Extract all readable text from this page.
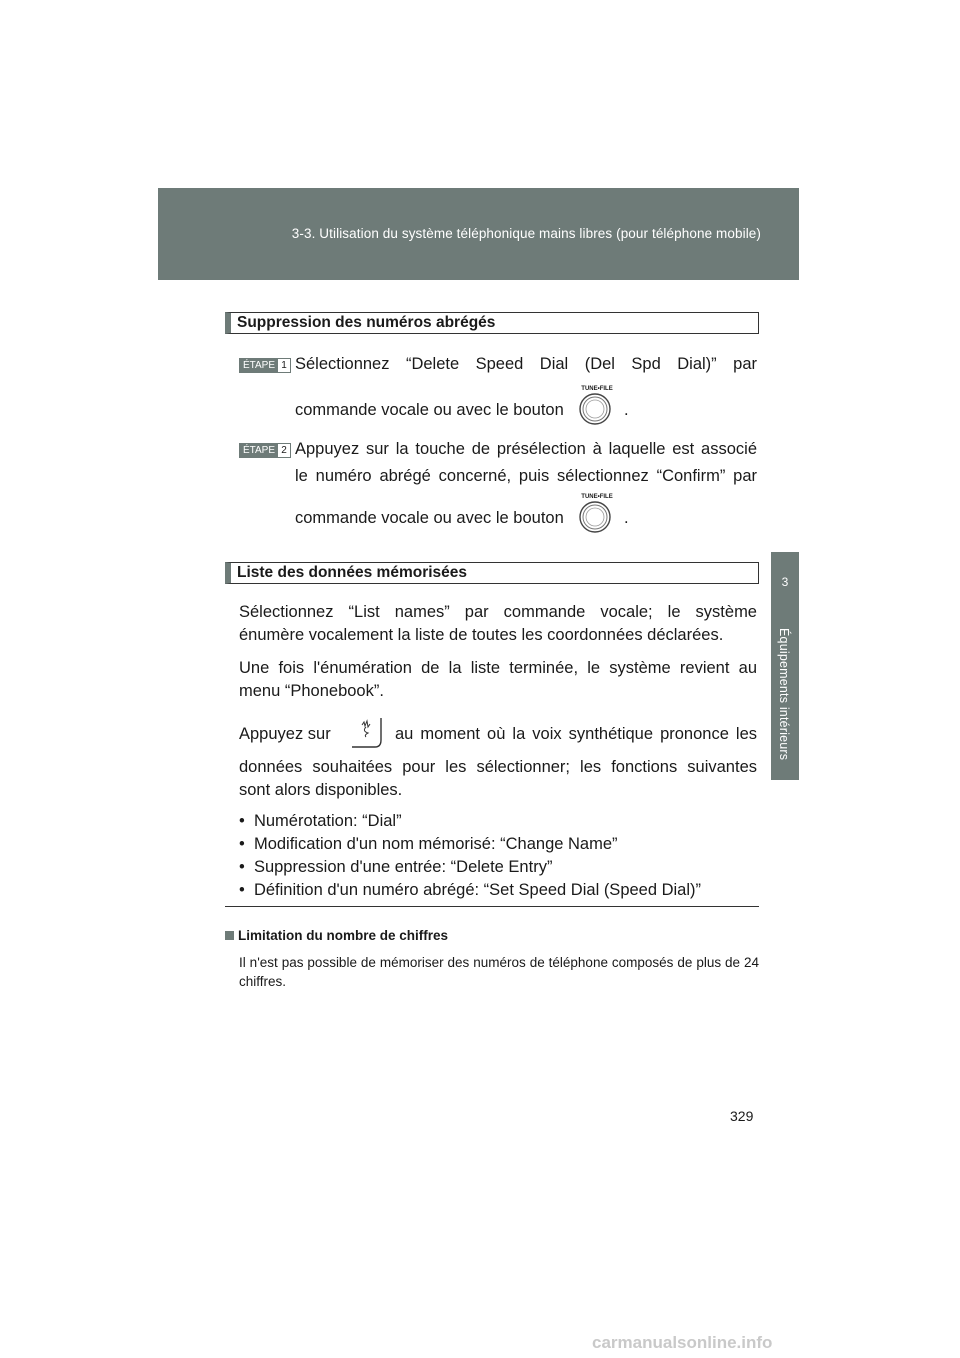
3-3. Utilisation du système téléphonique mains libres (pour téléphone mobile)
3
Équipements intérieurs
Suppression des numéros abrégés
ÉTAPE 1 Sélectionnez “Delete Speed Dial (Del Spd Dial)” par
commande vocale ou avec le bouton
TUNE•FILE
.
ÉTAPE 2 Appuyez sur la touche de présélection à laquelle est associé
le numéro abrégé concerné, puis sélectionnez “Confirm” par
commande vocale ou avec le bouton
TUNE•FILE
.
Liste des données mémorisées
Sélectionnez “List names” par commande vocale; le système
énumère vocalement la liste de toutes les coordonnées déclarées.
Une fois l'énumération de la liste terminée, le système revient au
menu “Phonebook”.
Appuyez sur	au moment où la voix synthétique prononce les
données souhaitées pour les sélectionner; les fonctions suivantes
sont alors disponibles.
•  Numérotation: “Dial”
•  Modification d'un nom mémorisé: “Change Name”
•  Suppression d'une entrée: “Delete Entry”
•  Définition d'un numéro abrégé: “Set Speed Dial (Speed Dial)”
Limitation du nombre de chiffres
Il n'est pas possible de mémoriser des numéros de téléphone composés de plus de 24 chiffres.
329
carmanualsonline.info
